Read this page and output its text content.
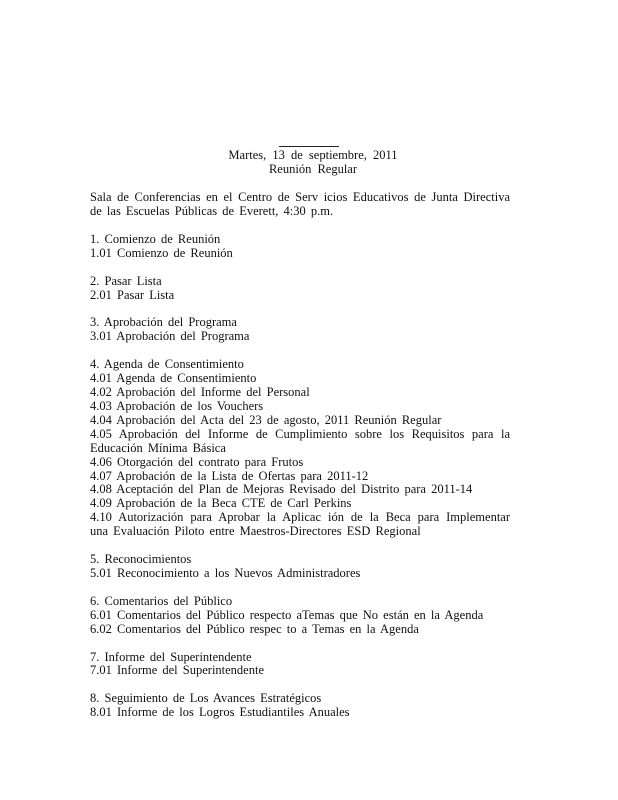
Martes, 13 de septiembre, 2011
Reunión Regular

Sala de Conferencias en el Centro de Serv icios Educativos de Junta Directiva de las Escuelas Públicas de Everett, 4:30 p.m.

1. Comienzo de Reunión
1.01 Comienzo de Reunión
2. Pasar Lista
2.01 Pasar Lista
3. Aprobación del Programa
3.01 Aprobación del Programa
4. Agenda de Consentimiento
4.01 Agenda de Consentimiento
4.02 Aprobación del Informe del Personal
4.03 Aprobación de los Vouchers
4.04 Aprobación del Acta del 23 de agosto, 2011 Reunión Regular
4.05 Aprobación del Informe de Cumplimiento sobre los Requisitos para la Educación Mínima Básica
4.06 Otorgación del contrato para Frutos
4.07 Aprobación de la Lista de Ofertas para 2011-12
4.08 Aceptación del Plan de Mejoras Revisado del Distrito para 2011-14
4.09 Aprobación de la Beca CTE de Carl Perkins
4.10 Autorización para Aprobar la Aplicac ión de la Beca para Implementar una Evaluación Piloto entre Maestros-Directores ESD Regional
5. Reconocimientos
5.01 Reconocimiento a los Nuevos Administradores
6. Comentarios del Público
6.01 Comentarios del Público respecto aTemas que No están en la Agenda
6.02 Comentarios del Público respec to a Temas en la Agenda
7. Informe del Superintendente
7.01 Informe del Superintendente
8. Seguimiento de Los Avances Estratégicos
8.01 Informe de los Logros Estudiantiles Anuales
